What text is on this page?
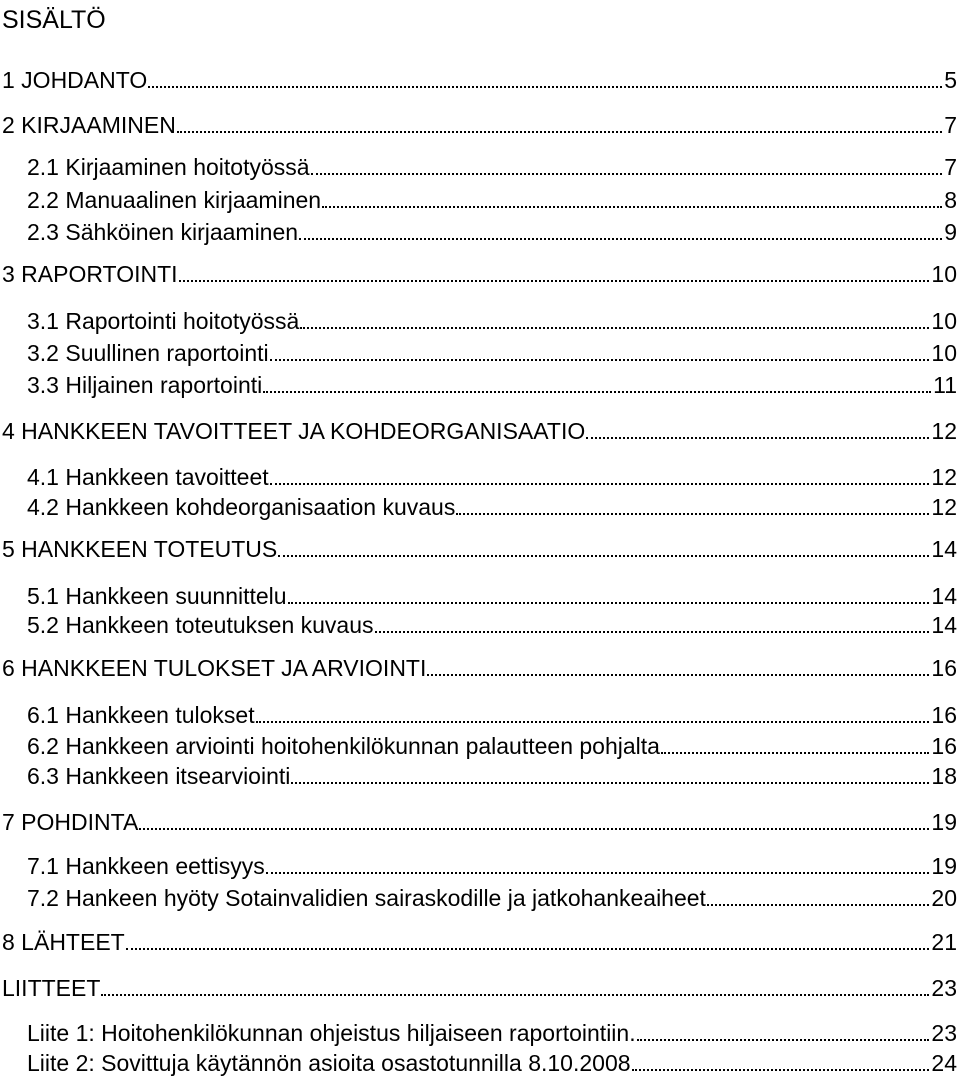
SISÄLTÖ
1 JOHDANTO	5
2 KIRJAAMINEN	7
2.1 Kirjaaminen hoitotyössä	7
2.2 Manuaalinen kirjaaminen	8
2.3 Sähköinen kirjaaminen	9
3 RAPORTOINTI	10
3.1 Raportointi hoitotyössä	10
3.2 Suullinen raportointi	10
3.3 Hiljainen raportointi	11
4 HANKKEEN TAVOITTEET JA KOHDEORGANISAATIO	12
4.1 Hankkeen tavoitteet	12
4.2 Hankkeen kohdeorganisaation kuvaus	12
5 HANKKEEN TOTEUTUS	14
5.1 Hankkeen suunnittelu	14
5.2 Hankkeen toteutuksen kuvaus	14
6 HANKKEEN TULOKSET JA ARVIOINTI	16
6.1 Hankkeen tulokset	16
6.2 Hankkeen arviointi hoitohenkilökunnan palautteen pohjalta	16
6.3 Hankkeen itsearviointi	18
7 POHDINTA	19
7.1 Hankkeen eettisyys	19
7.2 Hankeen hyöty Sotainvalidien sairaskodille ja jatkohankeaiheet	20
8 LÄHTEET	21
LIITTEET	23
Liite 1: Hoitohenkilökunnan ohjeistus hiljaiseen raportointiin.	23
Liite 2: Sovittuja käytännön asioita osastotunnilla 8.10.2008	24
